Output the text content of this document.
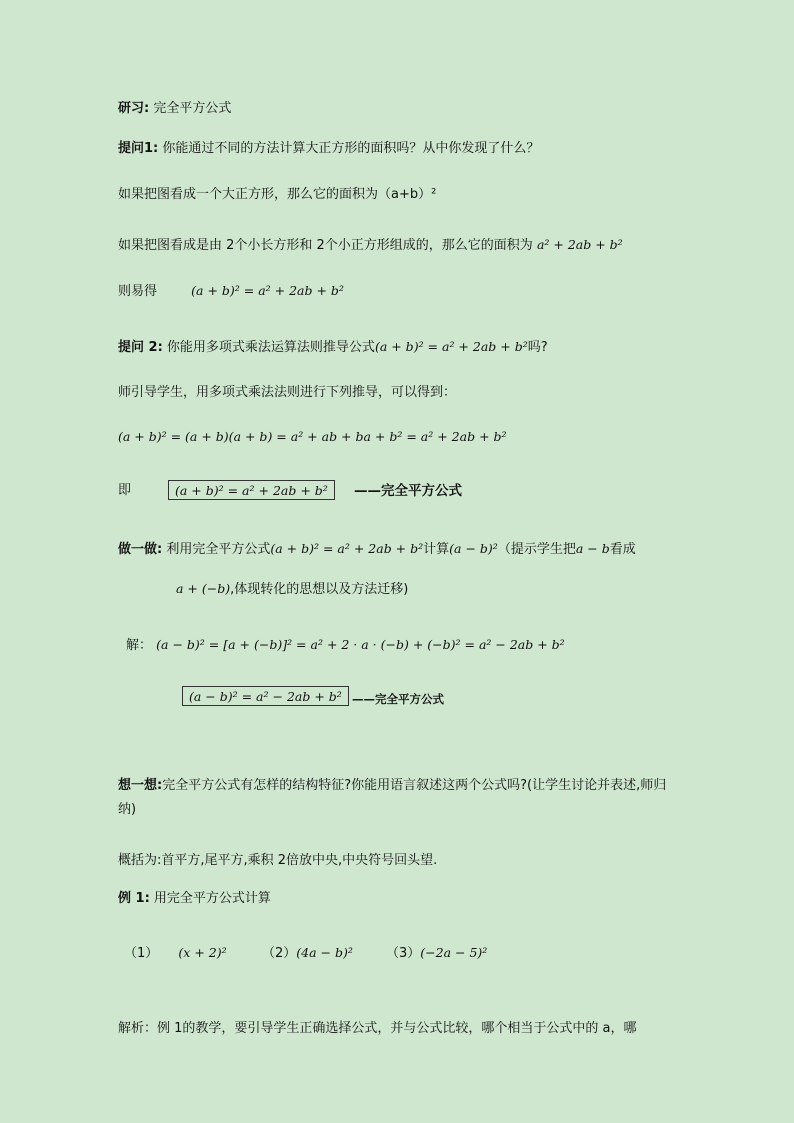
研习: 完全平方公式
提问1: 你能通过不同的方法计算大正方形的面积吗？从中你发现了什么？
如果把图看成一个大正方形，那么它的面积为（a+b）²
如果把图看成是由 2个小长方形和 2个小正方形组成的，那么它的面积为 a² + 2ab + b²
则易得	(a + b)² = a² + 2ab + b²
提问 2: 你能用多项式乘法运算法则推导公式(a + b)² = a² + 2ab + b²吗?
师引导学生，用多项式乘法法则进行下列推导，可以得到：
(a + b)² = (a + b)(a + b) = a² + ab + ba + b² = a² + 2ab + b²
即	(a + b)² = a² + 2ab + b²	——完全平方公式
做一做: 利用完全平方公式(a + b)² = a² + 2ab + b²计算(a − b)²（提示学生把a − b看成
a + (−b),体现转化的思想以及方法迁移)
解： (a − b)² = [a + (−b)]² = a² + 2 · a · (−b) + (−b)² = a² − 2ab + b²
(a − b)² = a² − 2ab + b² ——完全平方公式
想一想:完全平方公式有怎样的结构特征?你能用语言叙述这两个公式吗?(让学生讨论并表述,师归纳)
概括为:首平方,尾平方,乘积 2倍放中央,中央符号回头望.
例 1: 用完全平方公式计算
（1） (x + 2)²	（2）(4a − b)²	（3）(−2a − 5)²
解析：例 1的教学，要引导学生正确选择公式，并与公式比较，哪个相当于公式中的 a，哪
